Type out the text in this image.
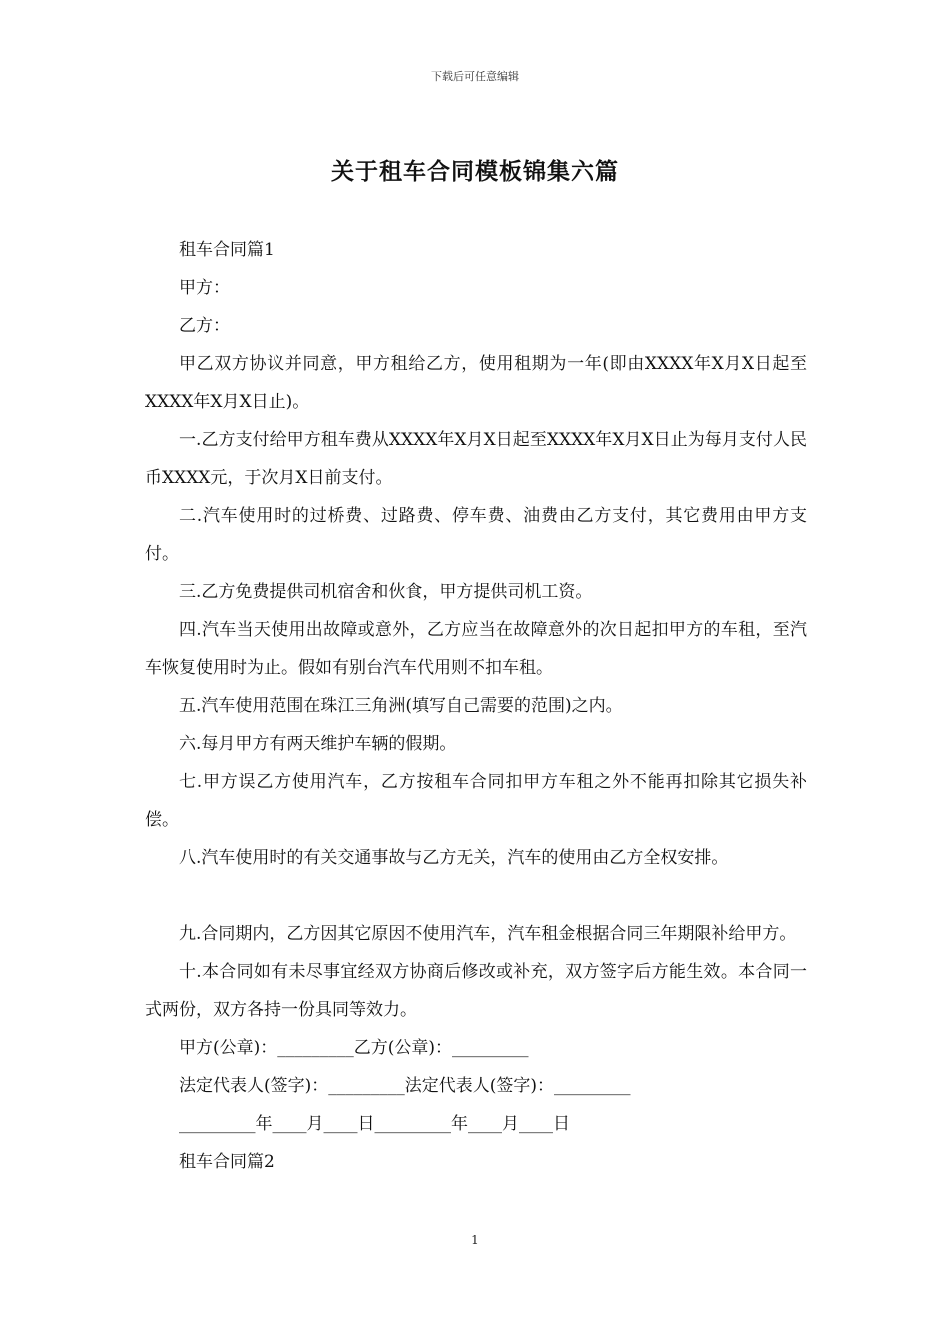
下载后可任意编辑
关于租车合同模板锦集六篇

租车合同篇1

甲方：

乙方：

甲乙双方协议并同意，甲方租给乙方，使用租期为一年(即由XXXX年X月X日起至XXXX年X月X日止)。

一.乙方支付给甲方租车费从XXXX年X月X日起至XXXX年X月X日止为每月支付人民币XXXX元，于次月X日前支付。

二.汽车使用时的过桥费、过路费、停车费、油费由乙方支付，其它费用由甲方支付。

三.乙方免费提供司机宿舍和伙食，甲方提供司机工资。

四.汽车当天使用出故障或意外，乙方应当在故障意外的次日起扣甲方的车租，至汽车恢复使用时为止。假如有别台汽车代用则不扣车租。

五.汽车使用范围在珠江三角洲(填写自己需要的范围)之内。

六.每月甲方有两天维护车辆的假期。

七.甲方误乙方使用汽车，乙方按租车合同扣甲方车租之外不能再扣除其它损失补偿。

八.汽车使用时的有关交通事故与乙方无关，汽车的使用由乙方全权安排。

九.合同期内，乙方因其它原因不使用汽车，汽车租金根据合同三年期限补给甲方。

十.本合同如有未尽事宜经双方协商后修改或补充，双方签字后方能生效。本合同一式两份，双方各持一份具同等效力。

甲方(公章)：_________乙方(公章)：_________

法定代表人(签字)：_________法定代表人(签字)：_________

_________年____月____日_________年____月____日

租车合同篇2

1
